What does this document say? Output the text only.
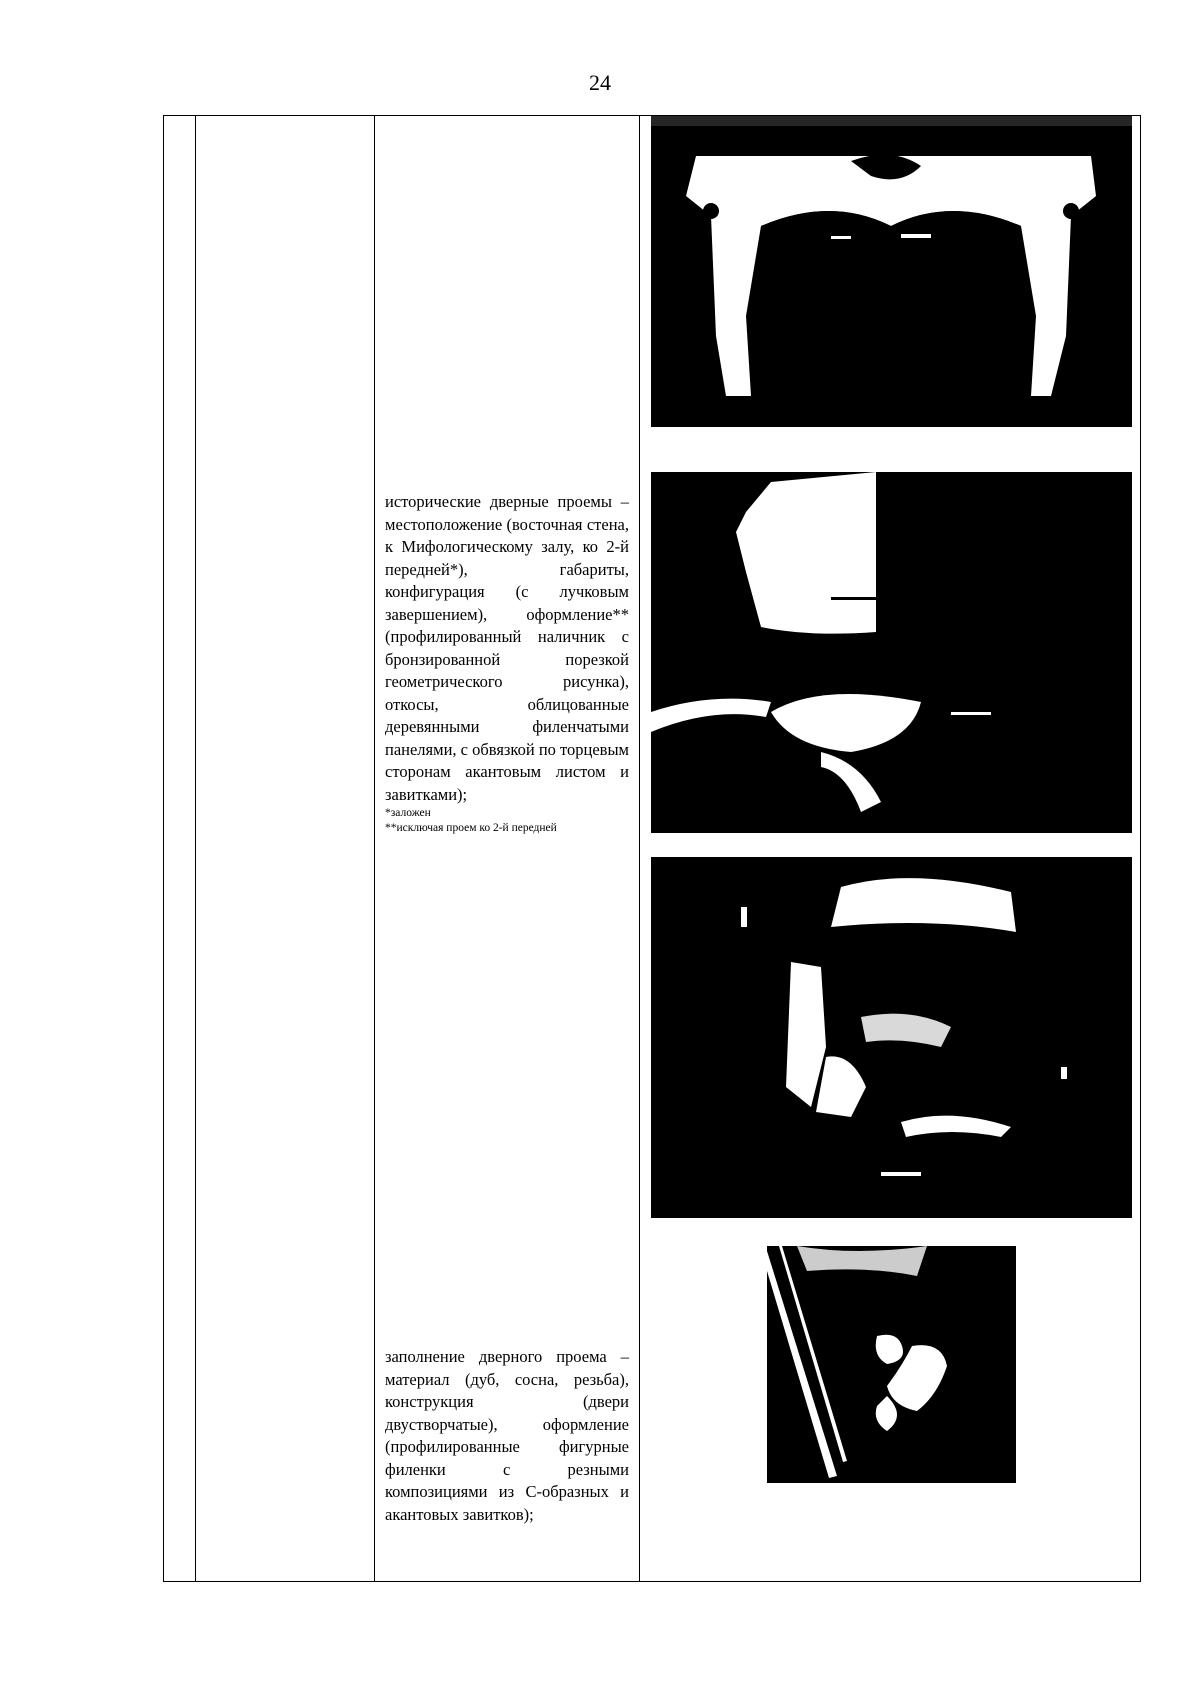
24

исторические дверные проемы – местоположение (восточная стена, к Мифологическому залу, ко 2-й передней*), габариты, конфигурация (с лучковым завершением), оформление** (профилированный наличник с бронзированной порезкой геометрического рисунка), откосы, облицованные деревянными филенчатыми панелями, с обвязкой по торцевым сторонам акантовым листом и завитками);
*заложен
**исключая проем ко 2-й передней
заполнение дверного проема – материал (дуб, сосна, резьба), конструкция (двери двустворчатые), оформление (профилированные фигурные филенки с резными композициями из С-образных и акантовых завитков);
